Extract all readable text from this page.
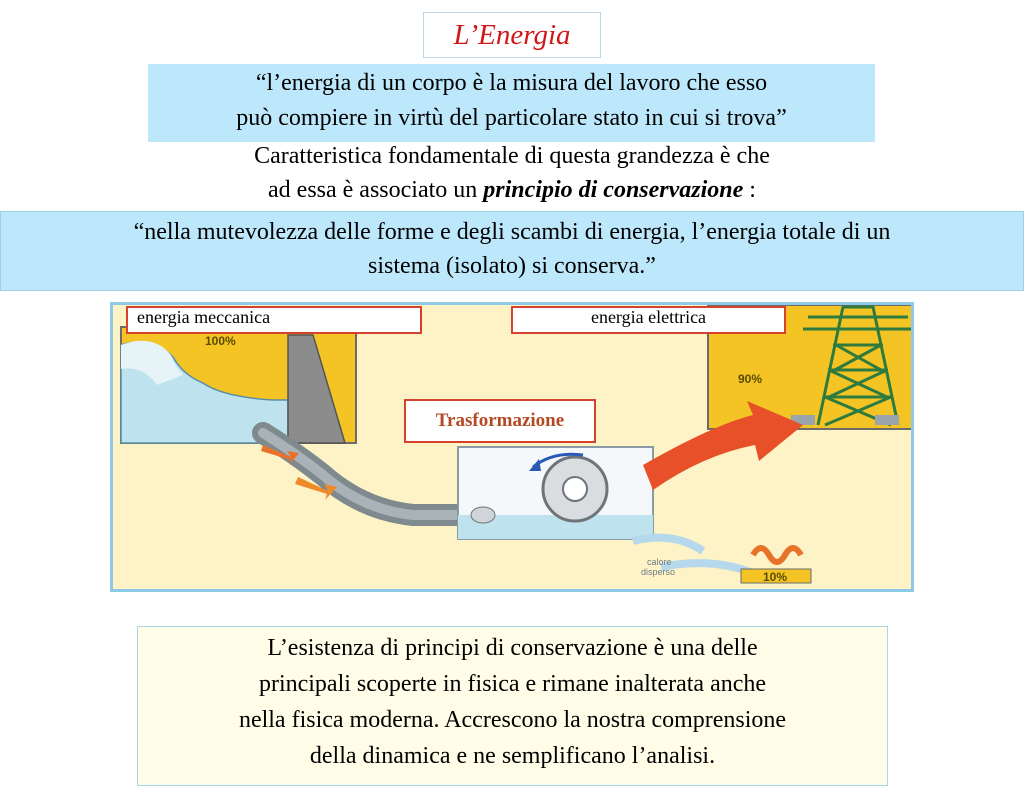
L’Energia
“l’energia di un corpo è la misura del lavoro che esso
può compiere in virtù del particolare stato in cui si trova”
Caratteristica fondamentale di questa grandezza è che
ad essa è associato un principio di conservazione :
“nella mutevolezza delle forme e degli scambi di energia, l’energia totale di un
sistema (isolato) si conserva.”
100%
90%
10%
calore
disperso
energia meccanica	energia elettrica
Trasformazione
L’esistenza di principi di conservazione è una delle
principali scoperte in fisica e rimane inalterata anche
nella fisica moderna. Accrescono la nostra comprensione
della dinamica e ne semplificano l’analisi.
